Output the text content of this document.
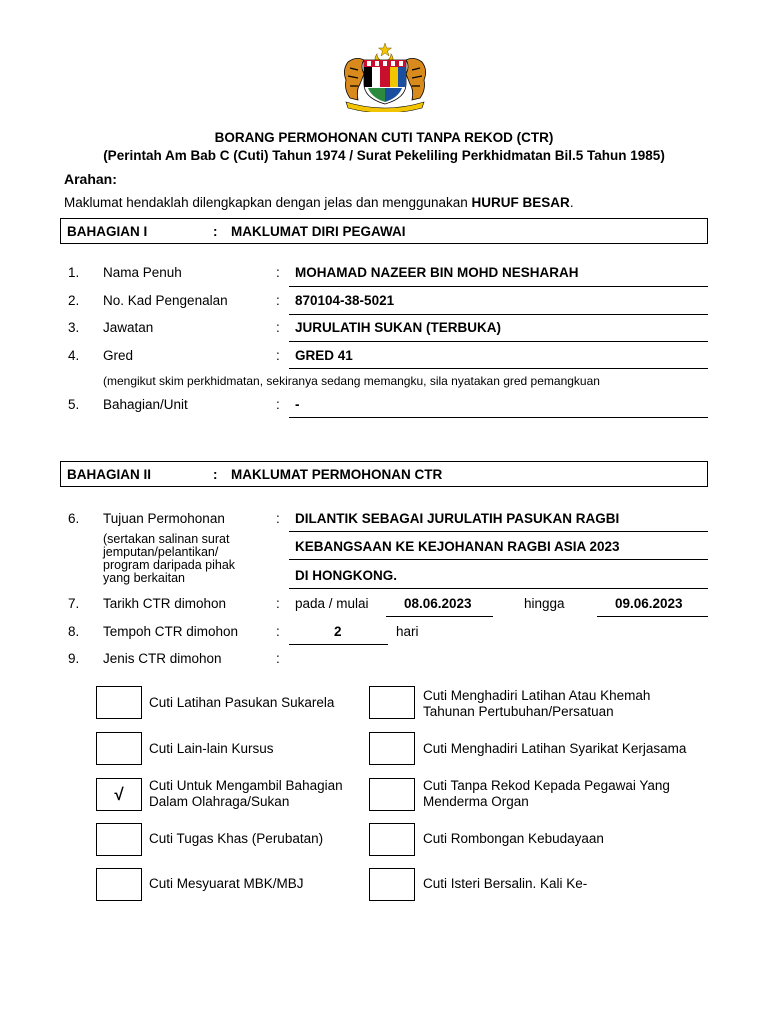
BORANG PERMOHONAN CUTI TANPA REKOD (CTR)
(Perintah Am Bab C (Cuti) Tahun 1974 / Surat Pekeliling Perkhidmatan Bil.5 Tahun 1985)
Arahan:
Maklumat hendaklah dilengkapkan dengan jelas dan menggunakan HURUF BESAR.
BAHAGIAN I	: MAKLUMAT DIRI PEGAWAI
1. Nama Penuh	: MOHAMAD NAZEER BIN MOHD NESHARAH
2. No. Kad Pengenalan	: 870104-38-5021
3. Jawatan	: JURULATIH SUKAN (TERBUKA)
4. Gred	: GRED 41
(mengikut skim perkhidmatan, sekiranya sedang memangku, sila nyatakan gred pemangkuan
5. Bahagian/Unit	: -
BAHAGIAN II	: MAKLUMAT PERMOHONAN CTR
6. Tujuan Permohonan	:
(sertakan salinan surat
jemputan/pelantikan/
program daripada pihak
yang berkaitan
DILANTIK SEBAGAI JURULATIH PASUKAN RAGBI
KEBANGSAAN KE KEJOHANAN RAGBI ASIA 2023
DI HONGKONG.
7. Tarikh CTR dimohon	: pada / mulai	08.06.2023	hingga	09.06.2023
8. Tempoh CTR dimohon	:	2	hari
9. Jenis CTR dimohon	:
Cuti Latihan Pasukan Sukarela	Cuti Menghadiri Latihan Atau Khemah
Tahunan Pertubuhan/Persatuan
Cuti Lain-lain Kursus	Cuti Menghadiri Latihan Syarikat Kerjasama
√	Cuti Untuk Mengambil Bahagian
Dalam Olahraga/Sukan
Cuti Tanpa Rekod Kepada Pegawai Yang
Menderma Organ
Cuti Tugas Khas (Perubatan)	Cuti Rombongan Kebudayaan
Cuti Mesyuarat MBK/MBJ	Cuti Isteri Bersalin. Kali Ke-
